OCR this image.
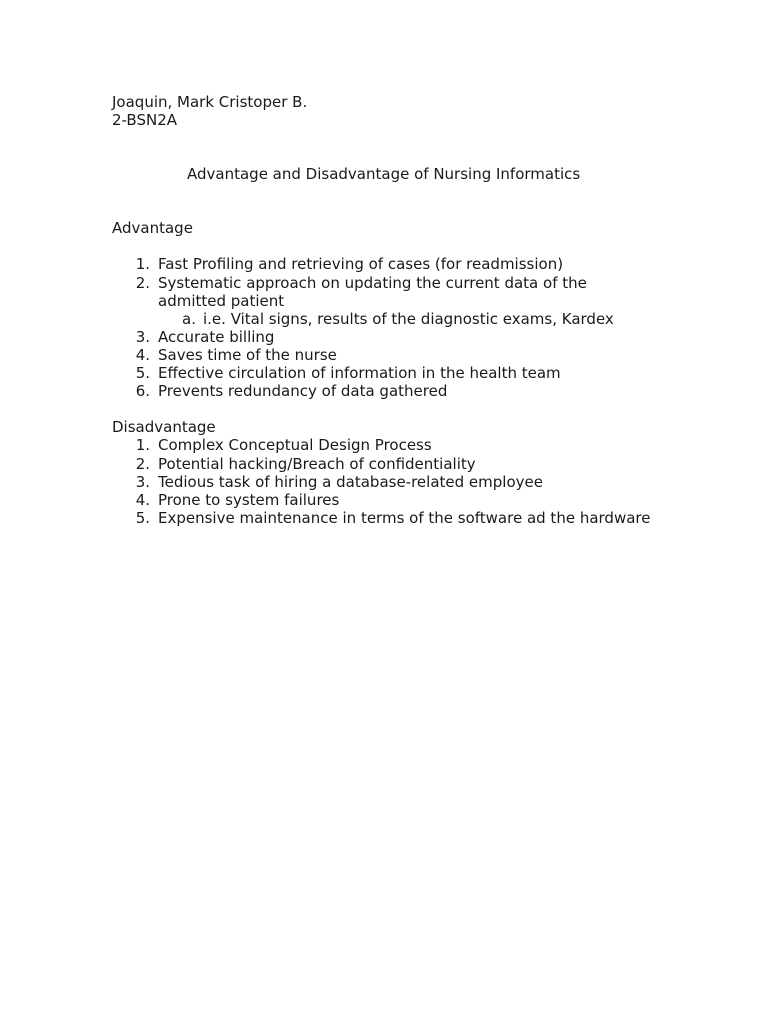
Joaquin, Mark Cristoper B.
2-BSN2A
Advantage and Disadvantage of Nursing Informatics
Advantage
1. Fast Profiling and retrieving of cases (for readmission)
2. Systematic approach on updating the current data of the
admitted patient
a. i.e. Vital signs, results of the diagnostic exams, Kardex
3. Accurate billing
4. Saves time of the nurse
5. Effective circulation of information in the health team
6. Prevents redundancy of data gathered
Disadvantage
1. Complex Conceptual Design Process
2. Potential hacking/Breach of confidentiality
3. Tedious task of hiring a database-related employee
4. Prone to system failures
5. Expensive maintenance in terms of the software ad the hardware
